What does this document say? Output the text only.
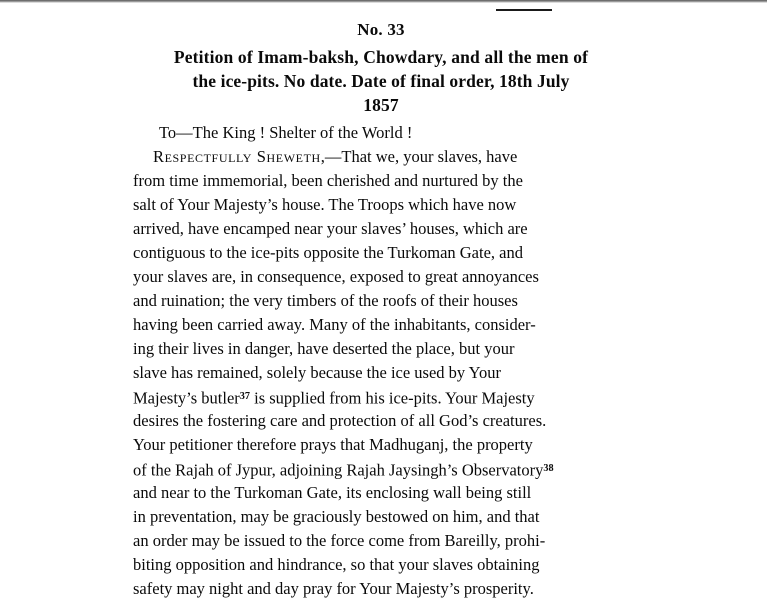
No. 33
Petition of Imam-baksh, Chowdary, and all the men of
the ice-pits. No date. Date of final order, 18th July
1857
To—The King ! Shelter of the World !

Respectfully Sheweth,—That we, your slaves, have
from time immemorial, been cherished and nurtured by the
salt of Your Majesty’s house. The Troops which have now
arrived, have encamped near your slaves’ houses, which are
contiguous to the ice-pits opposite the Turkoman Gate, and
your slaves are, in consequence, exposed to great annoyances
and ruination; the very timbers of the roofs of their houses
having been carried away. Many of the inhabitants, consider-
ing their lives in danger, have deserted the place, but your
slave has remained, solely because the ice used by Your
Majesty’s butler$^{37}$ is supplied from his ice-pits. Your Majesty
desires the fostering care and protection of all God’s creatures.
Your petitioner therefore prays that Madhuganj, the property
of the Rajah of Jypur, adjoining Rajah Jaysingh’s Observatory$^{38}$
and near to the Turkoman Gate, its enclosing wall being still
in preventation, may be graciously bestowed on him, and that
an order may be issued to the force come from Bareilly, prohi-
biting opposition and hindrance, so that your slaves obtaining
safety may night and day pray for Your Majesty’s prosperity.
